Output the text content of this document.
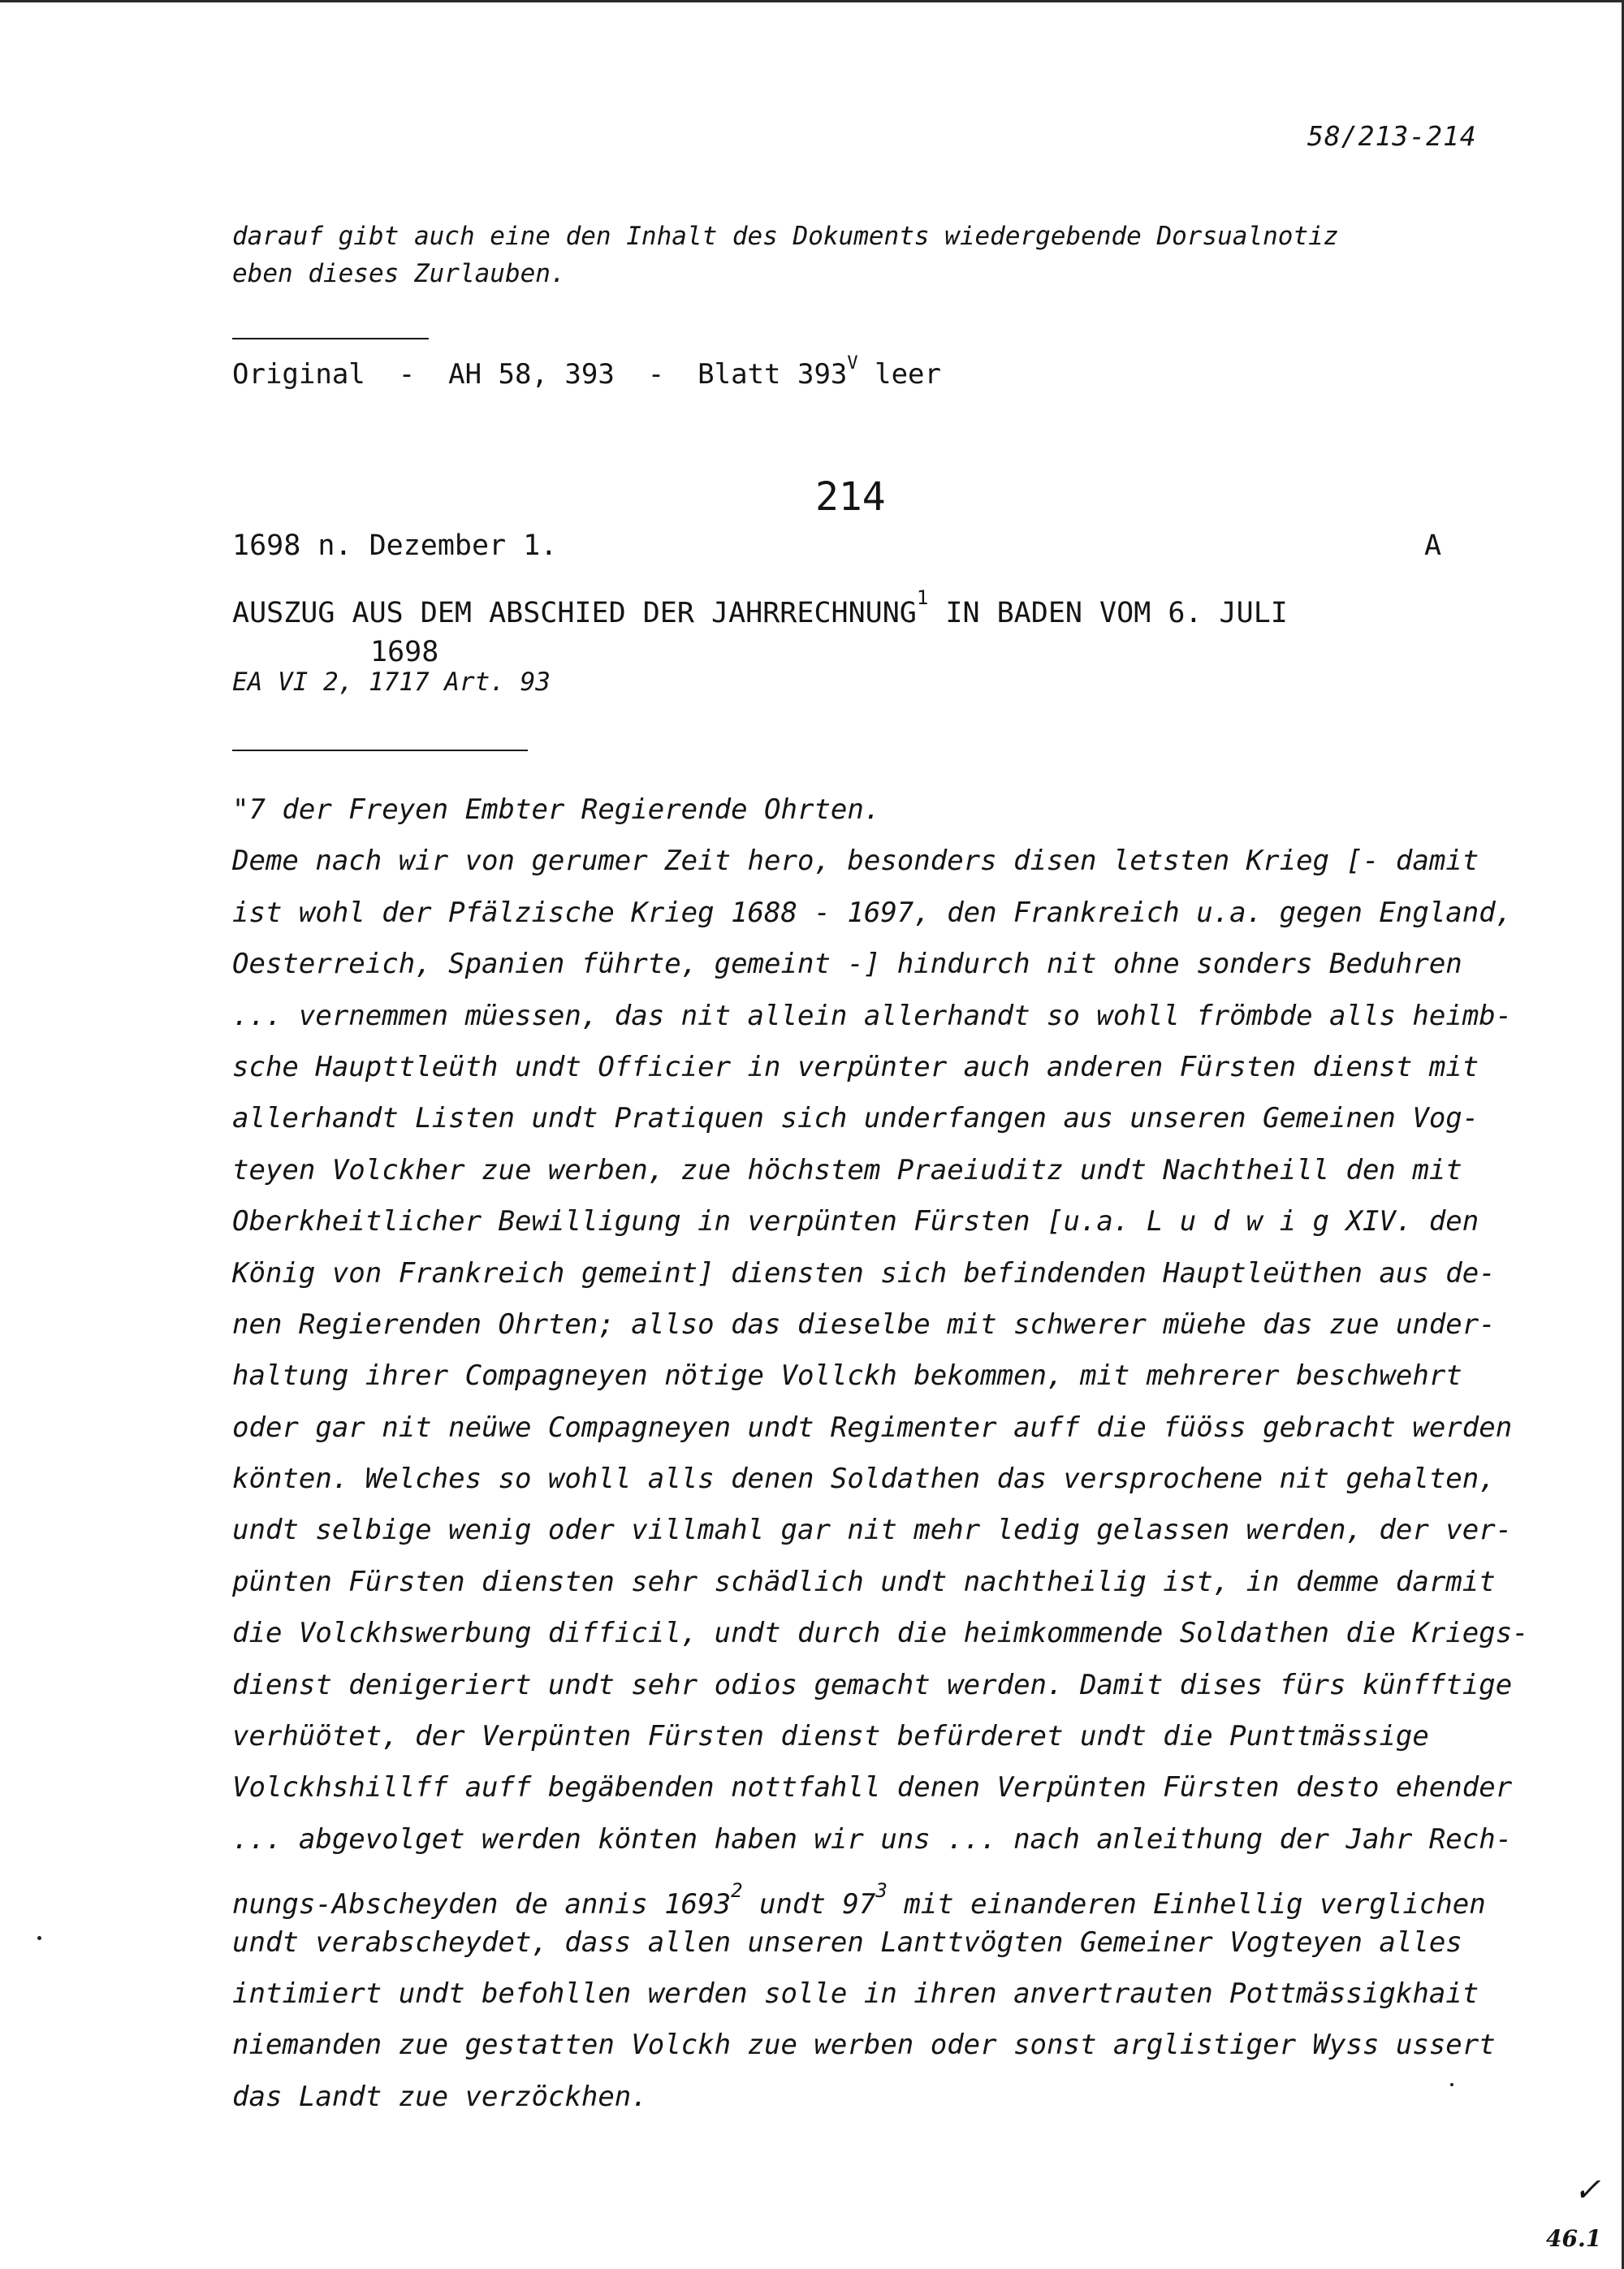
58/213-214
darauf gibt auch eine den Inhalt des Dokuments wiedergebende Dorsualnotiz
eben dieses Zurlauben.
Original  -  AH 58, 393  -  Blatt $393^V$ leer
214
1698 n. Dezember 1.	A
AUSZUG AUS DEM ABSCHIED DER JAHRRECHNUNG$^1$ IN BADEN VOM 6. JULI
1698
EA VI 2, 1717 Art. 93
"7 der Freyen Embter Regierende Ohrten.
Deme nach wir von gerumer Zeit hero, besonders disen letsten Krieg [- damit
ist wohl der Pfälzische Krieg 1688 - 1697, den Frankreich u.a. gegen England,
Oesterreich, Spanien führte, gemeint -] hindurch nit ohne sonders Beduhren
... vernemmen müessen, das nit allein allerhandt so wohll frömbde alls heimb-
sche Haupttleüth undt Officier in verpünter auch anderen Fürsten dienst mit
allerhandt Listen undt Pratiquen sich underfangen aus unseren Gemeinen Vog-
teyen Volckher zue werben, zue höchstem Praeiuditz undt Nachtheill den mit
Oberkheitlicher Bewilligung in verpünten Fürsten [u.a. L u d w i g XIV. den
König von Frankreich gemeint] diensten sich befindenden Hauptleüthen aus de-
nen Regierenden Ohrten; allso das dieselbe mit schwerer müehe das zue under-
haltung ihrer Compagneyen nötige Vollckh bekommen, mit mehrerer beschwehrt
oder gar nit neüwe Compagneyen undt Regimenter auff die füöss gebracht werden
könten. Welches so wohll alls denen Soldathen das versprochene nit gehalten,
undt selbige wenig oder villmahl gar nit mehr ledig gelassen werden, der ver-
pünten Fürsten diensten sehr schädlich undt nachtheilig ist, in demme darmit
die Volckhswerbung difficil, undt durch die heimkommende Soldathen die Kriegs-
dienst denigeriert undt sehr odios gemacht werden. Damit dises fürs künfftige
verhüötet, der Verpünten Fürsten dienst befürderet undt die Punttmässige
Volckhshillff auff begäbenden nottfahll denen Verpünten Fürsten desto ehender
... abgevolget werden könten haben wir uns ... nach anleithung der Jahr Rech-
nungs-Abscheyden de annis 1693$^2$ undt $97^3$ mit einanderen Einhellig verglichen
undt verabscheydet, dass allen unseren Lanttvögten Gemeiner Vogteyen alles
intimiert undt befohllen werden solle in ihren anvertrauten Pottmässigkhait
niemanden zue gestatten Volckh zue werben oder sonst arglistiger Wyss ussert
das Landt zue verzöckhen.
✓
46.1
